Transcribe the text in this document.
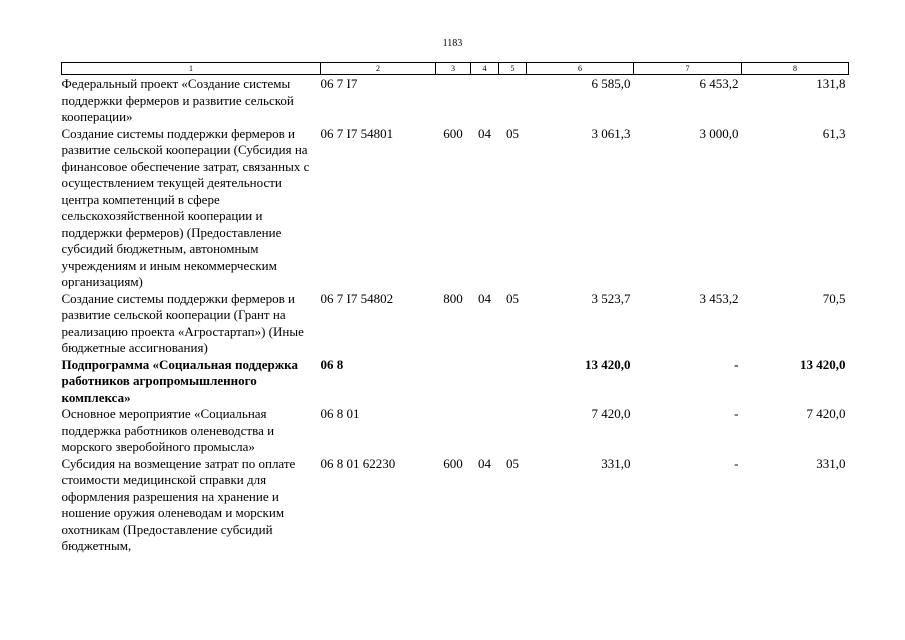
1183
1	2	3	4	5	6	7	8
Федеральный проект «Создание системы поддержки фермеров и развитие сельской кооперации»	06 7 I7				6 585,0	6 453,2	131,8
Создание системы поддержки фермеров и развитие сельской кооперации (Субсидия на финансовое обеспечение затрат, связанных с осуществлением текущей деятельности центра компетенций в сфере сельскохозяйственной кооперации и поддержки фермеров) (Предоставление субсидий бюджетным, автономным учреждениям и иным некоммерческим организациям)	06 7 I7 54801	600	04	05	3 061,3	3 000,0	61,3
Создание системы поддержки фермеров и развитие сельской кооперации (Грант на реализацию проекта «Агростартап») (Иные бюджетные ассигнования)	06 7 I7 54802	800	04	05	3 523,7	3 453,2	70,5
Подпрограмма «Социальная поддержка работников агропромышленного комплекса»	06 8				13 420,0	-	13 420,0
Основное мероприятие «Социальная поддержка работников оленеводства и морского зверобойного промысла»	06 8 01				7 420,0	-	7 420,0
Субсидия на возмещение затрат по оплате стоимости медицинской справки для оформления разрешения на хранение и ношение оружия оленеводам и морским охотникам (Предоставление субсидий бюджетным,	06 8 01 62230	600	04	05	331,0	-	331,0
